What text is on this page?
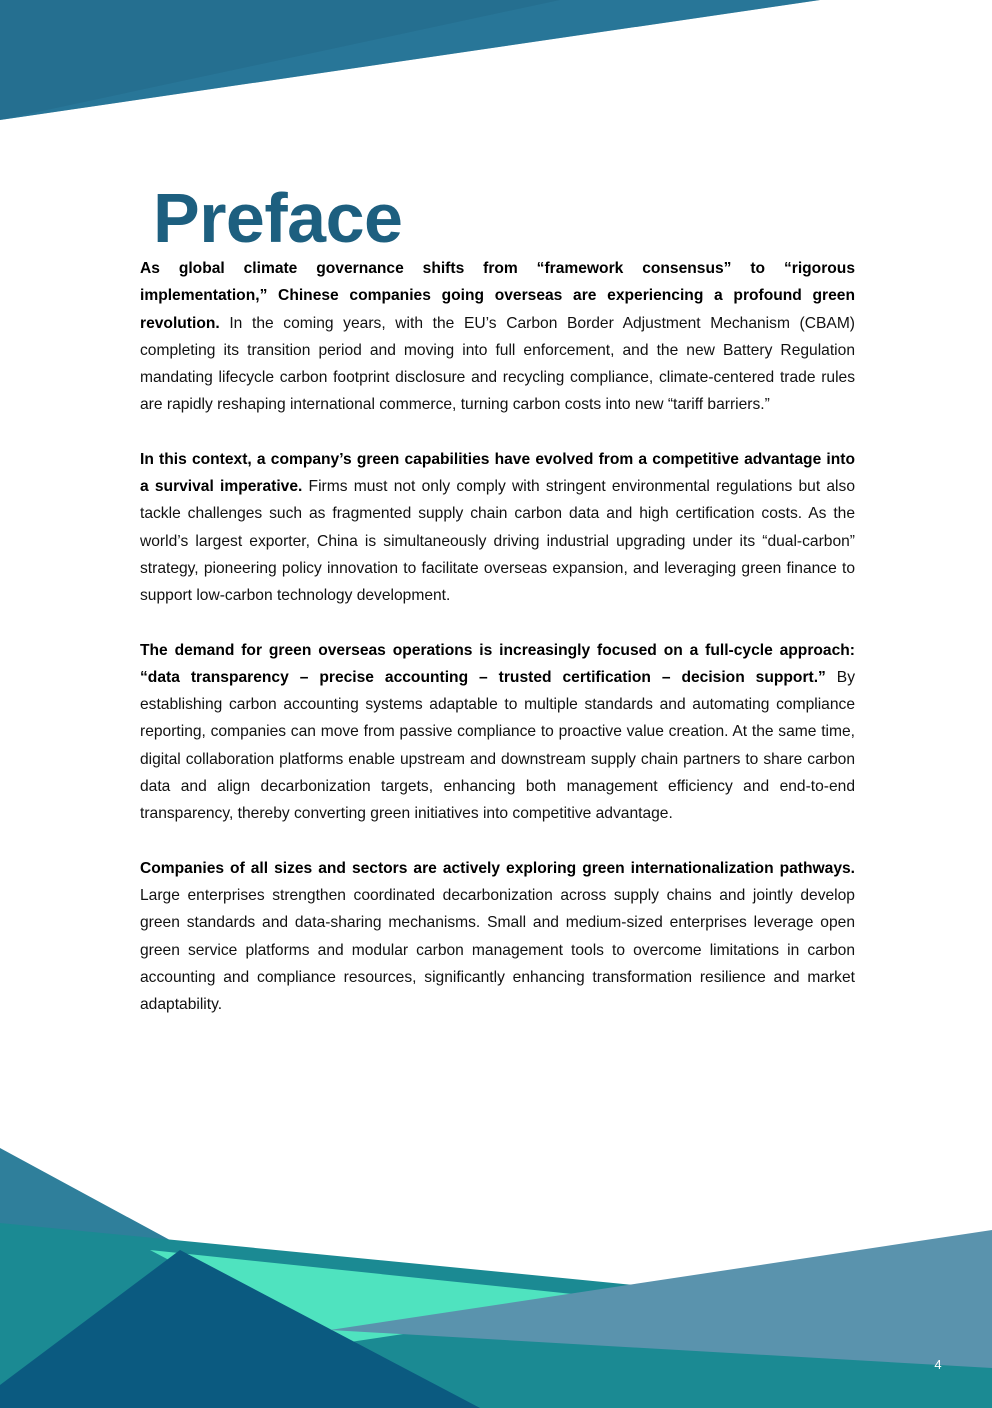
Preface

As global climate governance shifts from “framework consensus” to “rigorous implementation,” Chinese companies going overseas are experiencing a profound green revolution. In the coming years, with the EU’s Carbon Border Adjustment Mechanism (CBAM) completing its transition period and moving into full enforcement, and the new Battery Regulation mandating lifecycle carbon footprint disclosure and recycling compliance, climate-centered trade rules are rapidly reshaping international commerce, turning carbon costs into new “tariff barriers.”

In this context, a company’s green capabilities have evolved from a competitive advantage into a survival imperative. Firms must not only comply with stringent environmental regulations but also tackle challenges such as fragmented supply chain carbon data and high certification costs. As the world’s largest exporter, China is simultaneously driving industrial upgrading under its “dual-carbon” strategy, pioneering policy innovation to facilitate overseas expansion, and leveraging green finance to support low-carbon technology development.

The demand for green overseas operations is increasingly focused on a full-cycle approach: “data transparency – precise accounting – trusted certification – decision support.” By establishing carbon accounting systems adaptable to multiple standards and automating compliance reporting, companies can move from passive compliance to proactive value creation. At the same time, digital collaboration platforms enable upstream and downstream supply chain partners to share carbon data and align decarbonization targets, enhancing both management efficiency and end-to-end transparency, thereby converting green initiatives into competitive advantage.

Companies of all sizes and sectors are actively exploring green internationalization pathways. Large enterprises strengthen coordinated decarbonization across supply chains and jointly develop green standards and data-sharing mechanisms. Small and medium-sized enterprises leverage open green service platforms and modular carbon management tools to overcome limitations in carbon accounting and compliance resources, significantly enhancing transformation resilience and market adaptability.

4
